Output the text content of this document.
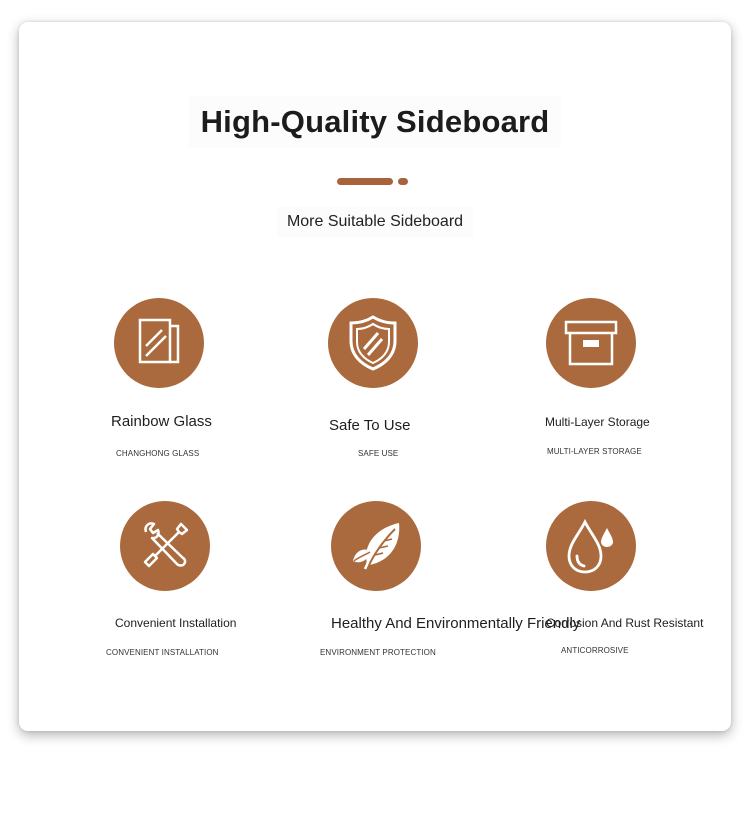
High-Quality Sideboard
More Suitable Sideboard
Rainbow Glass
CHANGHONG GLASS
Safe To Use
SAFE USE
Multi-Layer Storage
MULTI-LAYER STORAGE
Convenient Installation
CONVENIENT INSTALLATION
Healthy And Environmentally Friendly
ENVIRONMENT PROTECTION
Corrosion And Rust Resistant
ANTICORROSIVE
